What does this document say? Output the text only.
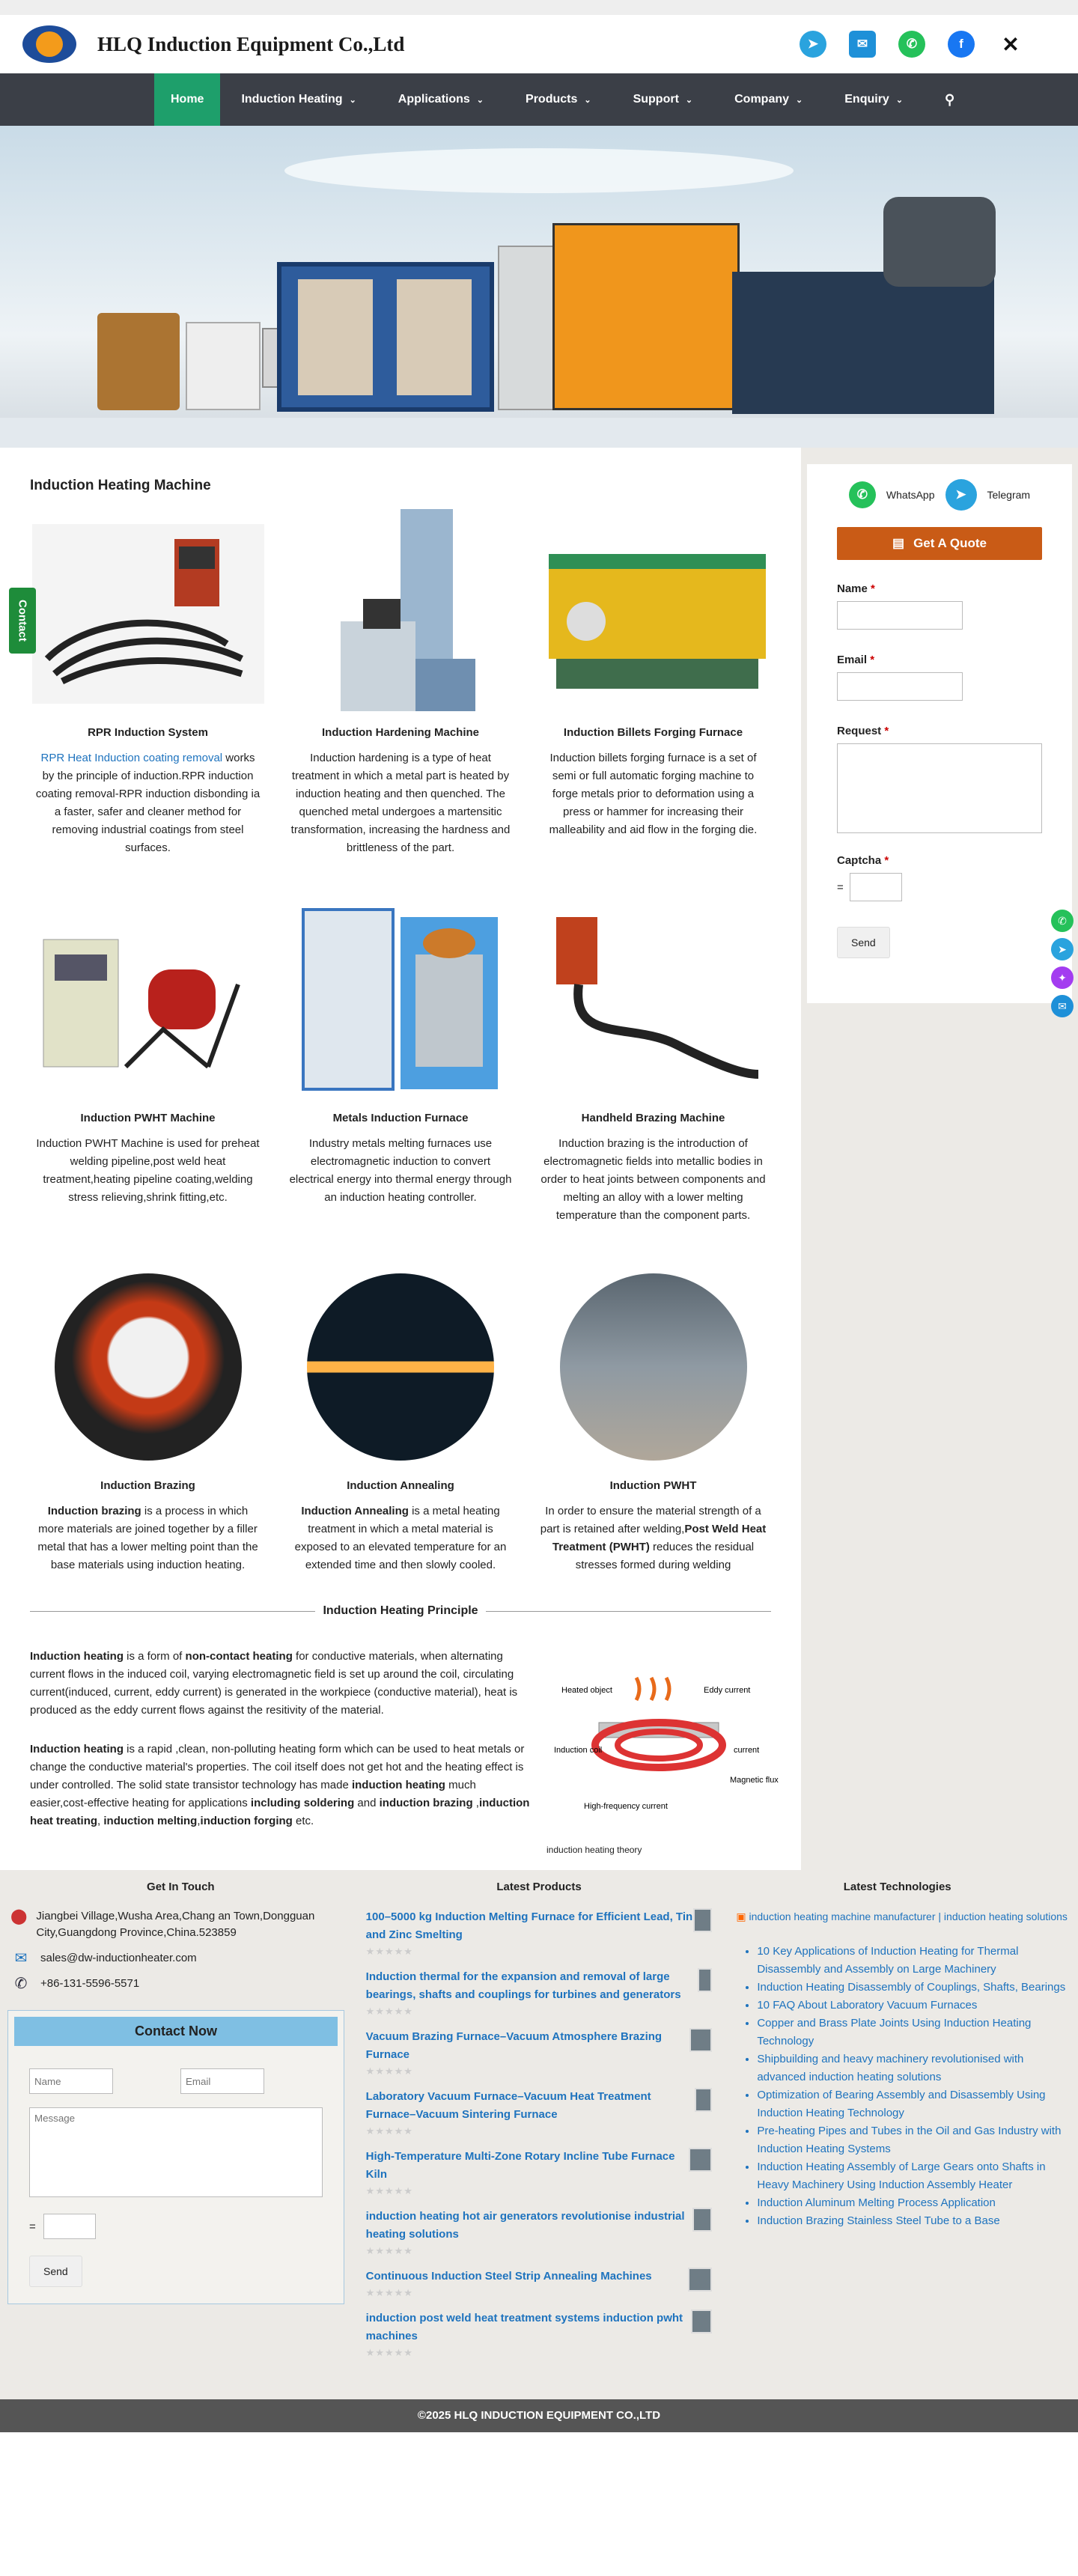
HLQ Induction Equipment Co.,Ltd	➤	✉	✆	f	✕
Home	Induction Heating ⌄	Applications ⌄	Products ⌄	Support ⌄	Company ⌄	Enquiry ⌄	⚲
Induction Heating Machine
RPR Induction System

RPR Heat Induction coating removal works by the principle of induction.RPR induction coating removal-RPR induction disbonding ia a faster, safer and cleaner method for removing industrial coatings from steel surfaces.

Induction Hardening Machine

Induction hardening is a type of heat treatment in which a metal part is heated by induction heating and then quenched. The quenched metal undergoes a martensitic transformation, increasing the hardness and brittleness of the part.

Induction Billets Forging Furnace

Induction billets forging furnace is a set of semi or full automatic forging machine to forge metals prior to deformation using a press or hammer for increasing their malleability and aid flow in the forging die.

Induction PWHT Machine

Induction PWHT Machine is used for preheat welding pipeline,post weld heat treatment,heating pipeline coating,welding stress relieving,shrink fitting,etc.

Metals Induction Furnace

Industry metals melting furnaces use electromagnetic induction to convert electrical energy into thermal energy through an induction heating controller.

Handheld Brazing Machine

Induction brazing is the introduction of electromagnetic fields into metallic bodies in order to heat joints between components and melting an alloy with a lower melting temperature than the component parts.

Induction Brazing

Induction brazing is a process in which more materials are joined together by a filler metal that has a lower melting point than the base materials using induction heating.

Induction Annealing

Induction Annealing is a metal heating treatment in which a metal material is exposed to an elevated temperature for an extended time and then slowly cooled.

Induction PWHT

In order to ensure the material strength of a part is retained after welding,Post Weld Heat Treatment (PWHT) reduces the residual stresses formed during welding

Induction Heating Principle

Induction heating is a form of non-contact heating for conductive materials, when alternating current flows in the induced coil, varying electromagnetic field is set up around the coil, circulating current(induced, current, eddy current) is generated in the workpiece (conductive material), heat is produced as the eddy current flows against the resitivity of the material.

Induction heating is a rapid ,clean, non-polluting heating form which can be used to heat metals or change the conductive material's properties. The coil itself does not get hot and the heating effect is under controlled. The solid state transistor technology has made induction heating much easier,cost-effective heating for applications including soldering and induction brazing ,induction heat treating, induction melting,induction forging etc.

Heated object	Eddy current
Induction coil	current
Magnetic flux
High-frequency current
induction heating theory
✆	WhatsApp	➤	Telegram
▤ Get A Quote
Name *
Email *
Request *
Captcha *
=
Send
Contact
✆
➤
✦
✉
Get In Touch
⬤ Jiangbei Village,Wusha Area,Chang an Town,Dongguan City,Guangdong Province,China.523859
✉	sales@dw-inductionheater.com
✆	+86-131-5596-5571
Contact Now
Name
Email
Message
=
Send
Latest Products
100–5000 kg Induction Melting Furnace for Efficient Lead, Tin and Zinc Smelting
★★★★★
Induction thermal for the expansion and removal of large bearings, shafts and couplings for turbines and generators
★★★★★
Vacuum Brazing Furnace–Vacuum Atmosphere Brazing Furnace
★★★★★
Laboratory Vacuum Furnace–Vacuum Heat Treatment Furnace–Vacuum Sintering Furnace
★★★★★
High-Temperature Multi-Zone Rotary Incline Tube Furnace Kiln
★★★★★
induction heating hot air generators revolutionise industrial heating solutions
★★★★★
Continuous Induction Steel Strip Annealing Machines
★★★★★
induction post weld heat treatment systems induction pwht machines
★★★★★
Latest Technologies
▣ induction heating machine manufacturer | induction heating solutions
• 10 Key Applications of Induction Heating for Thermal Disassembly and Assembly on Large Machinery
• Induction Heating Disassembly of Couplings, Shafts, Bearings
• 10 FAQ About Laboratory Vacuum Furnaces
• Copper and Brass Plate Joints Using Induction Heating Technology
• Shipbuilding and heavy machinery revolutionised with advanced induction heating solutions
• Optimization of Bearing Assembly and Disassembly Using Induction Heating Technology
• Pre-heating Pipes and Tubes in the Oil and Gas Industry with Induction Heating Systems
• Induction Heating Assembly of Large Gears onto Shafts in Heavy Machinery Using Induction Assembly Heater
• Induction Aluminum Melting Process Application
• Induction Brazing Stainless Steel Tube to a Base
©2025 HLQ INDUCTION EQUIPMENT CO.,LTD
